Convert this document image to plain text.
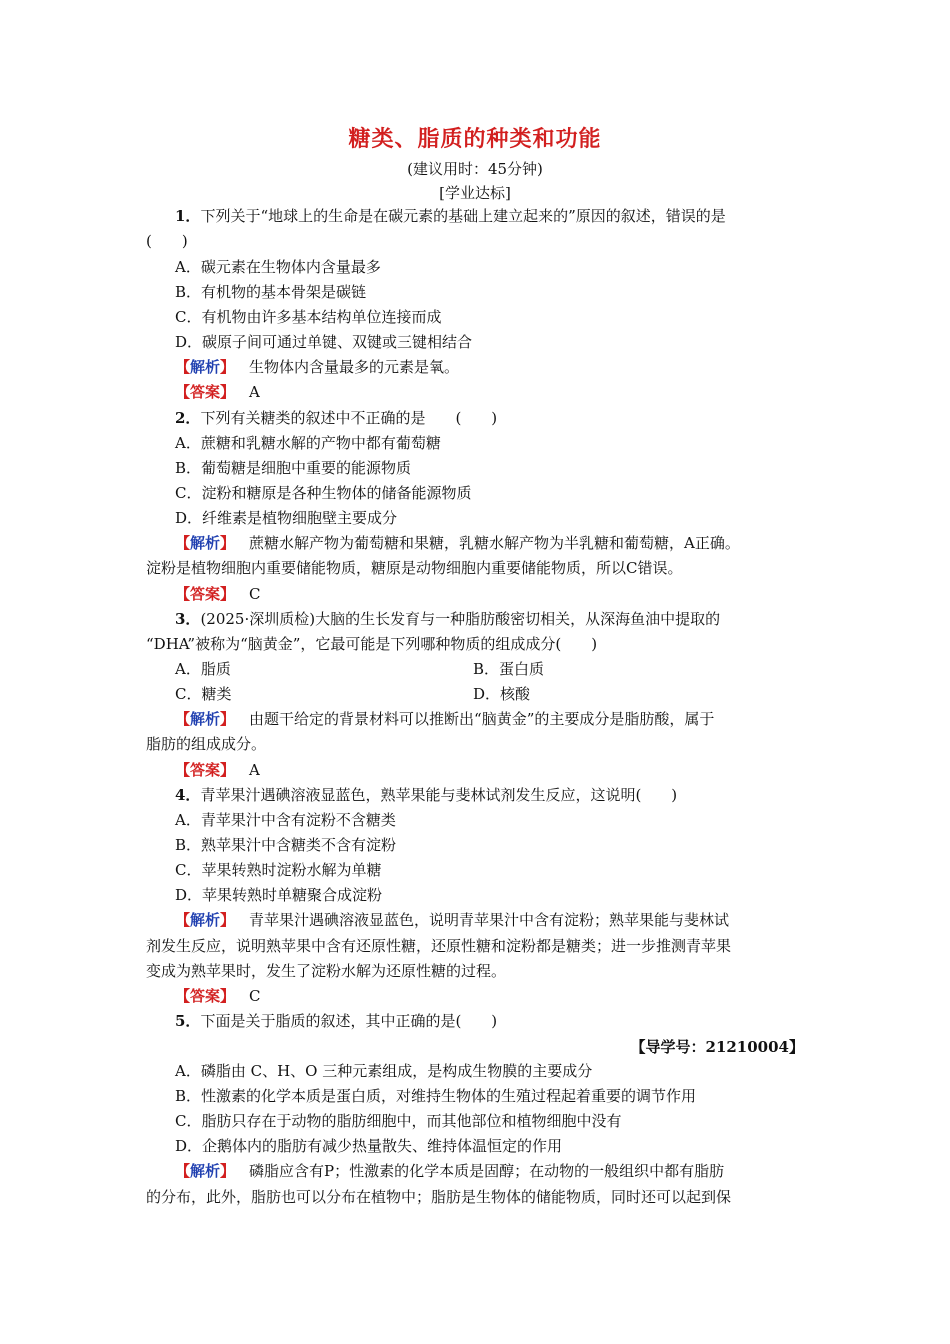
糖类、脂质的种类和功能
(建议用时：45分钟)
[学业达标]
1．下列关于“地球上的生命是在碳元素的基础上建立起来的”原因的叙述，错误的是
(　　)
A．碳元素在生物体内含量最多
B．有机物的基本骨架是碳链
C．有机物由许多基本结构单位连接而成
D．碳原子间可通过单键、双键或三键相结合
【解析】 生物体内含量最多的元素是氧。
【答案】 A
2．下列有关糖类的叙述中不正确的是　　(　　)
A．蔗糖和乳糖水解的产物中都有葡萄糖
B．葡萄糖是细胞中重要的能源物质
C．淀粉和糖原是各种生物体的储备能源物质
D．纤维素是植物细胞壁主要成分
【解析】 蔗糖水解产物为葡萄糖和果糖，乳糖水解产物为半乳糖和葡萄糖，A正确。
淀粉是植物细胞内重要储能物质，糖原是动物细胞内重要储能物质，所以C错误。
【答案】 C
3．(2025·深圳质检)大脑的生长发育与一种脂肪酸密切相关，从深海鱼油中提取的
“DHA”被称为“脑黄金”，它最可能是下列哪种物质的组成成分(　　)
A．脂质	B．蛋白质
C．糖类	D．核酸
【解析】 由题干给定的背景材料可以推断出“脑黄金”的主要成分是脂肪酸，属于
脂肪的组成成分。
【答案】 A
4．青苹果汁遇碘溶液显蓝色，熟苹果能与斐林试剂发生反应，这说明(　　)
A．青苹果汁中含有淀粉不含糖类
B．熟苹果汁中含糖类不含有淀粉
C．苹果转熟时淀粉水解为单糖
D．苹果转熟时单糖聚合成淀粉
【解析】 青苹果汁遇碘溶液显蓝色，说明青苹果汁中含有淀粉；熟苹果能与斐林试
剂发生反应，说明熟苹果中含有还原性糖，还原性糖和淀粉都是糖类；进一步推测青苹果
变成为熟苹果时，发生了淀粉水解为还原性糖的过程。
【答案】 C
5．下面是关于脂质的叙述，其中正确的是(　　)
【导学号：21210004】
A．磷脂由 C、H、O 三种元素组成，是构成生物膜的主要成分
B．性激素的化学本质是蛋白质，对维持生物体的生殖过程起着重要的调节作用
C．脂肪只存在于动物的脂肪细胞中，而其他部位和植物细胞中没有
D．企鹅体内的脂肪有减少热量散失、维持体温恒定的作用
【解析】 磷脂应含有P；性激素的化学本质是固醇；在动物的一般组织中都有脂肪
的分布，此外，脂肪也可以分布在植物中；脂肪是生物体的储能物质，同时还可以起到保
